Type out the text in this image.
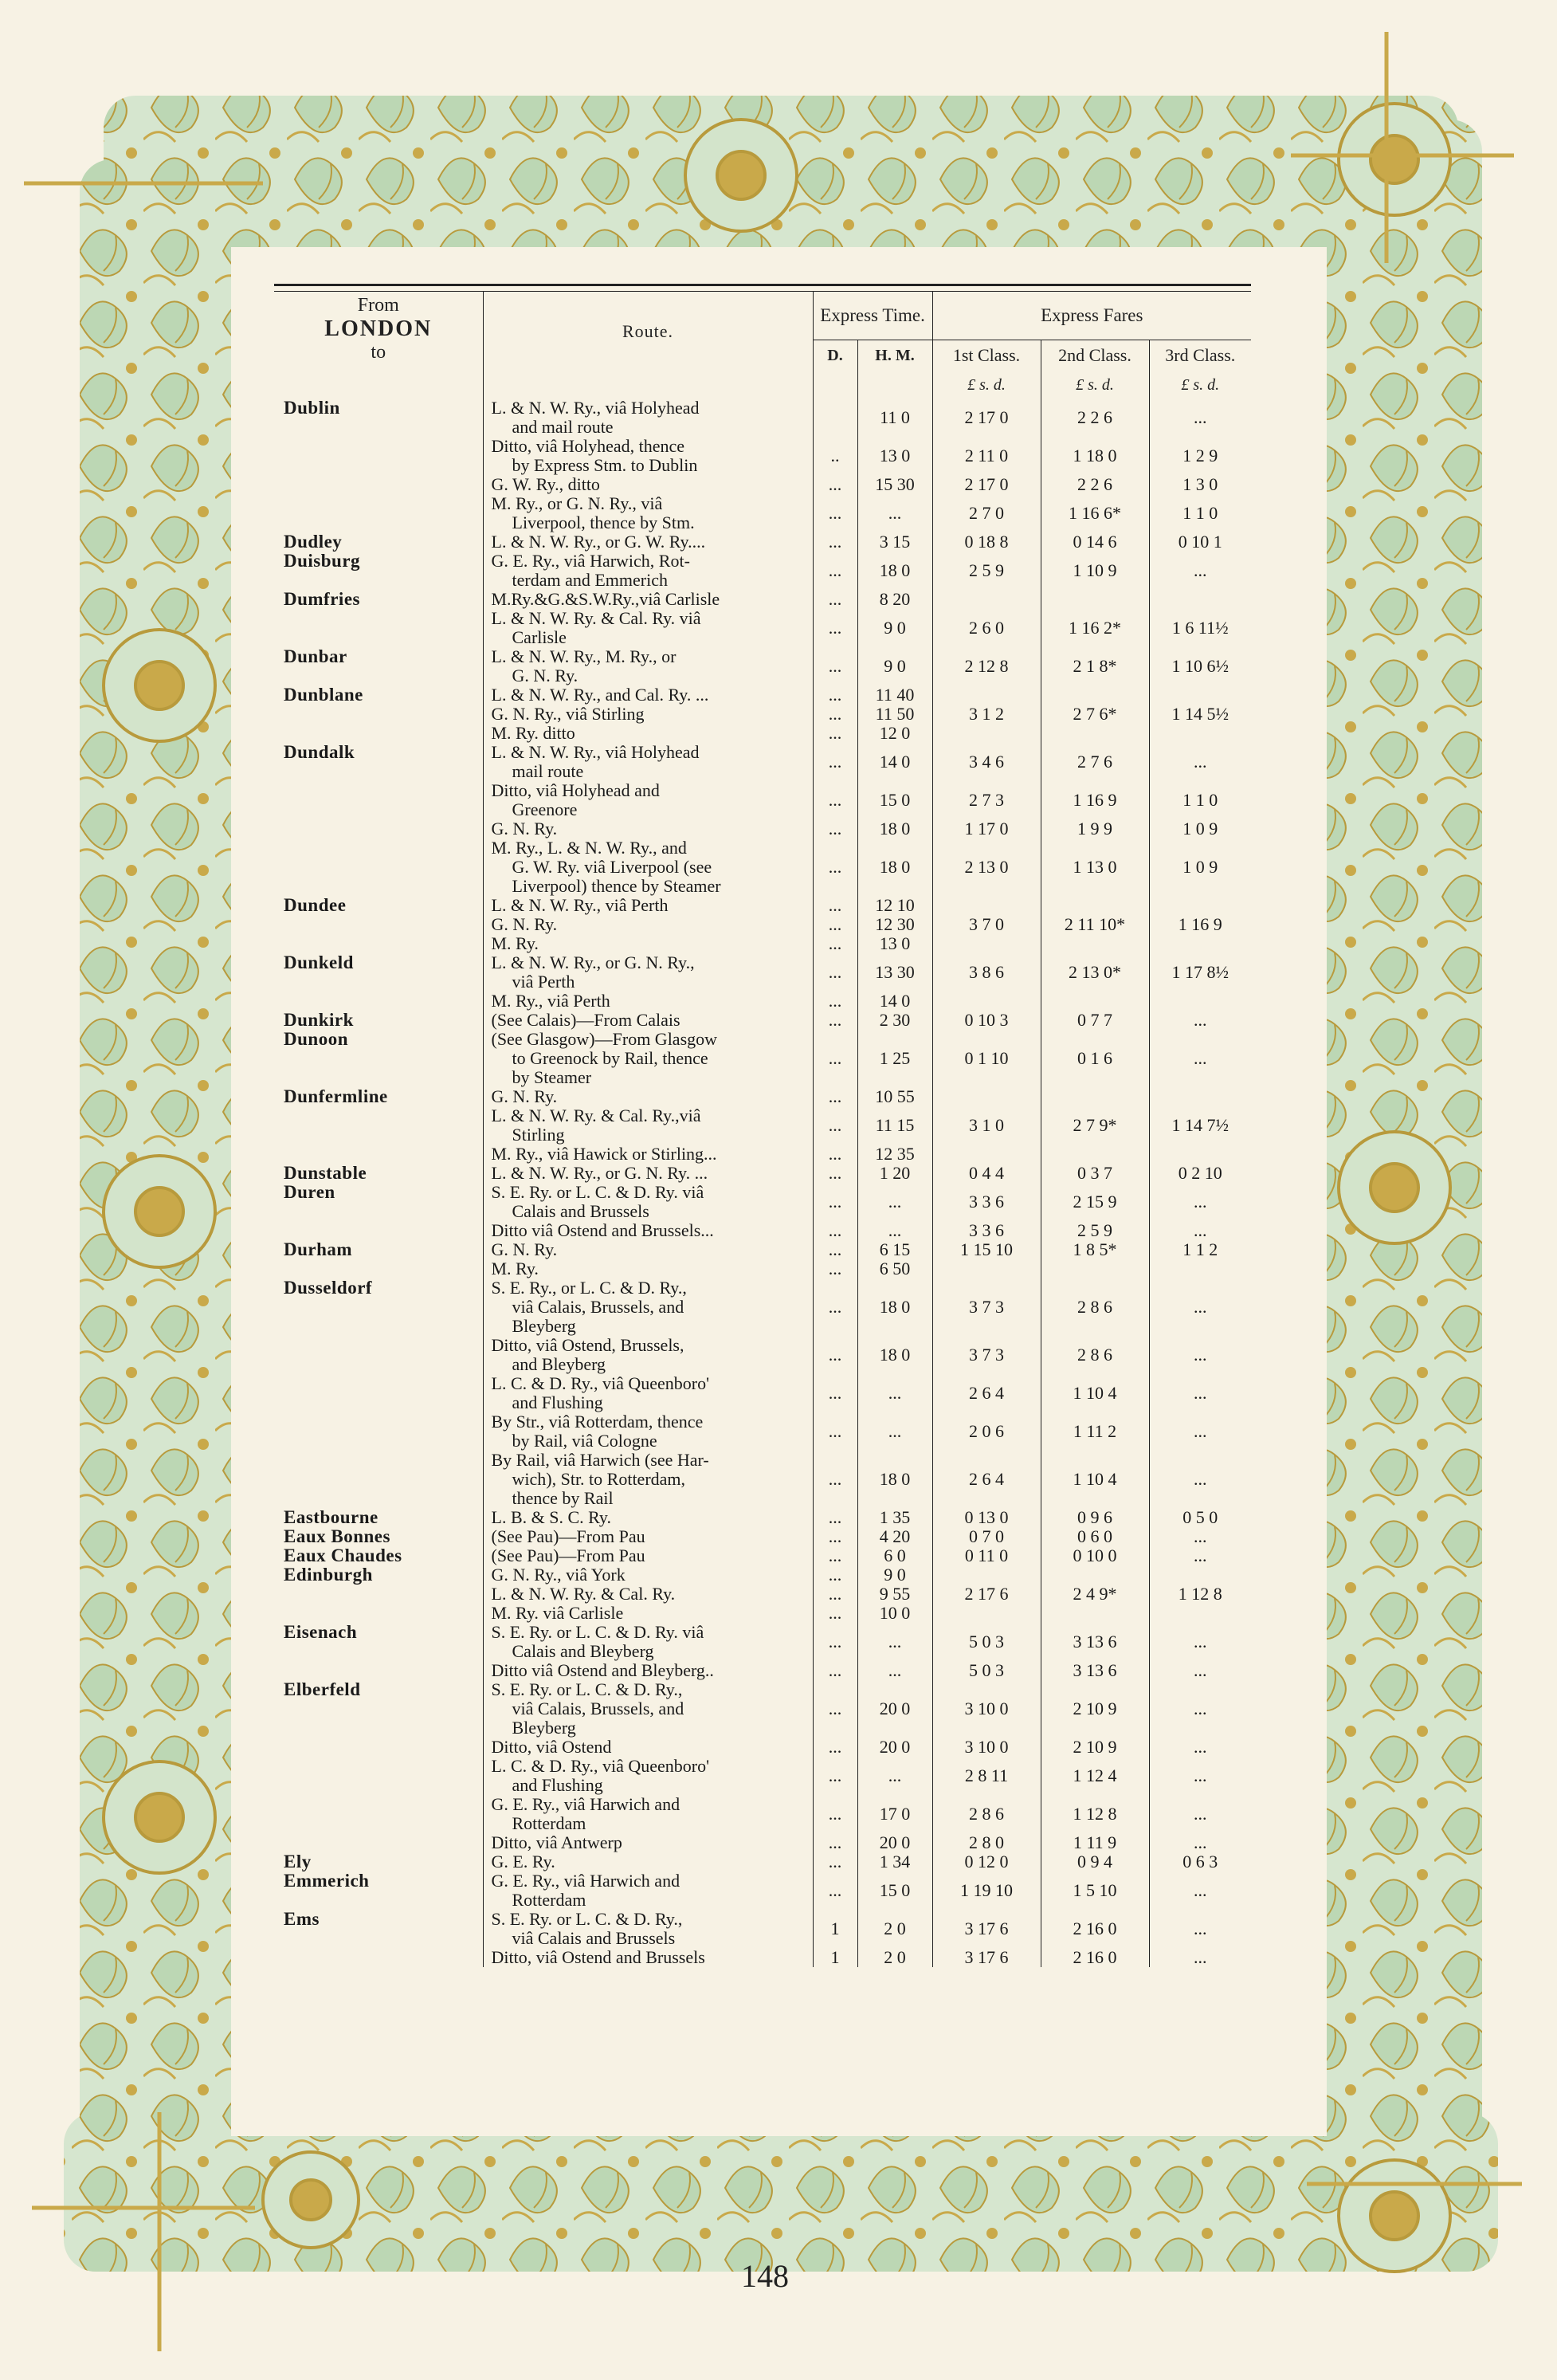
From
LONDON
to	Route.	Express Time.		Express Fares		
		D.	H. M.	1st Class.	2nd Class.	3rd Class.
				£ s. d.	£ s. d.	£ s. d.
Dublin	L. & N. W. Ry., viâ Holyhead
and mail route		11 0	2 17 0	2 2 6	...

	Ditto, viâ Holyhead, thence
by Express Stm. to Dublin	..	13 0	2 11 0	1 18 0	1 2 9

	G. W. Ry., ditto	...	15 30	2 17 0	2 2 6	1 3 0

	M. Ry., or G. N. Ry., viâ
Liverpool, thence by Stm.	...	...	2 7 0	1 16 6*	1 1 0
Dudley	L. & N. W. Ry., or G. W. Ry....	...	3 15	0 18 8	0 14 6	0 10 1
Duisburg	G. E. Ry., viâ Harwich, Rot-
terdam and Emmerich	...	18 0	2 5 9	1 10 9	...
Dumfries	M.Ry.&G.&S.W.Ry.,viâ Carlisle	...	8 20			

	L. & N. W. Ry. & Cal. Ry. viâ
Carlisle	...	9 0	2 6 0	1 16 2*	1 6 11½
Dunbar	L. & N. W. Ry., M. Ry., or
G. N. Ry.	...	9 0	2 12 8	2 1 8*	1 10 6½
Dunblane	L. & N. W. Ry., and Cal. Ry. ...	...	11 40			

	G. N. Ry., viâ Stirling	...	11 50	3 1 2	2 7 6*	1 14 5½

	M. Ry. ditto	...	12 0			
Dundalk	L. & N. W. Ry., viâ Holyhead
mail route	...	14 0	3 4 6	2 7 6	...

	Ditto, viâ Holyhead and
Greenore	...	15 0	2 7 3	1 16 9	1 1 0

	G. N. Ry.	...	18 0	1 17 0	1 9 9	1 0 9

	M. Ry., L. & N. W. Ry., and
G. W. Ry. viâ Liverpool (see
Liverpool) thence by Steamer	...	18 0	2 13 0	1 13 0	1 0 9
Dundee	L. & N. W. Ry., viâ Perth	...	12 10			

	G. N. Ry.	...	12 30	3 7 0	2 11 10*	1 16 9

	M. Ry.	...	13 0			
Dunkeld	L. & N. W. Ry., or G. N. Ry.,
viâ Perth	...	13 30	3 8 6	2 13 0*	1 17 8½

	M. Ry., viâ Perth	...	14 0			
Dunkirk	(See Calais)—From Calais	...	2 30	0 10 3	0 7 7	...
Dunoon	(See Glasgow)—From Glasgow
to Greenock by Rail, thence
by Steamer	...	1 25	0 1 10	0 1 6	...
Dunfermline	G. N. Ry.	...	10 55			

	L. & N. W. Ry. & Cal. Ry.,viâ
Stirling	...	11 15	3 1 0	2 7 9*	1 14 7½

	M. Ry., viâ Hawick or Stirling...	...	12 35			
Dunstable	L. & N. W. Ry., or G. N. Ry. ...	...	1 20	0 4 4	0 3 7	0 2 10
Duren	S. E. Ry. or L. C. & D. Ry. viâ
Calais and Brussels	...	...	3 3 6	2 15 9	...

	Ditto viâ Ostend and Brussels...	...	...	3 3 6	2 5 9	...
Durham	G. N. Ry.	...	6 15	1 15 10	1 8 5*	1 1 2

	M. Ry.	...	6 50			
Dusseldorf	S. E. Ry., or L. C. & D. Ry.,
viâ Calais, Brussels, and
Bleyberg	...	18 0	3 7 3	2 8 6	...

	Ditto, viâ Ostend, Brussels,
and Bleyberg	...	18 0	3 7 3	2 8 6	...

	L. C. & D. Ry., viâ Queenboro'
and Flushing	...	...	2 6 4	1 10 4	...

	By Str., viâ Rotterdam, thence
by Rail, viâ Cologne	...	...	2 0 6	1 11 2	...

	By Rail, viâ Harwich (see Har-
wich), Str. to Rotterdam,
thence by Rail	...	18 0	2 6 4	1 10 4	...
Eastbourne	L. B. & S. C. Ry.	...	1 35	0 13 0	0 9 6	0 5 0
Eaux Bonnes	(See Pau)—From Pau	...	4 20	0 7 0	0 6 0	...
Eaux Chaudes	(See Pau)—From Pau	...	6 0	0 11 0	0 10 0	...
Edinburgh	G. N. Ry., viâ York	...	9 0			

	L. & N. W. Ry. & Cal. Ry.	...	9 55	2 17 6	2 4 9*	1 12 8

	M. Ry. viâ Carlisle	...	10 0			
Eisenach	S. E. Ry. or L. C. & D. Ry. viâ
Calais and Bleyberg	...	...	5 0 3	3 13 6	...

	Ditto viâ Ostend and Bleyberg..	...	...	5 0 3	3 13 6	...
Elberfeld	S. E. Ry. or L. C. & D. Ry.,
viâ Calais, Brussels, and
Bleyberg	...	20 0	3 10 0	2 10 9	...

	Ditto, viâ Ostend	...	20 0	3 10 0	2 10 9	...

	L. C. & D. Ry., viâ Queenboro'
and Flushing	...	...	2 8 11	1 12 4	...

	G. E. Ry., viâ Harwich and
Rotterdam	...	17 0	2 8 6	1 12 8	...

	Ditto, viâ Antwerp	...	20 0	2 8 0	1 11 9	...
Ely	G. E. Ry.	...	1 34	0 12 0	0 9 4	0 6 3
Emmerich	G. E. Ry., viâ Harwich and
Rotterdam	...	15 0	1 19 10	1 5 10	...
Ems	S. E. Ry. or L. C. & D. Ry.,
viâ Calais and Brussels	1	2 0	3 17 6	2 16 0	...

	Ditto, viâ Ostend and Brussels	1	2 0	3 17 6	2 16 0	...
148
